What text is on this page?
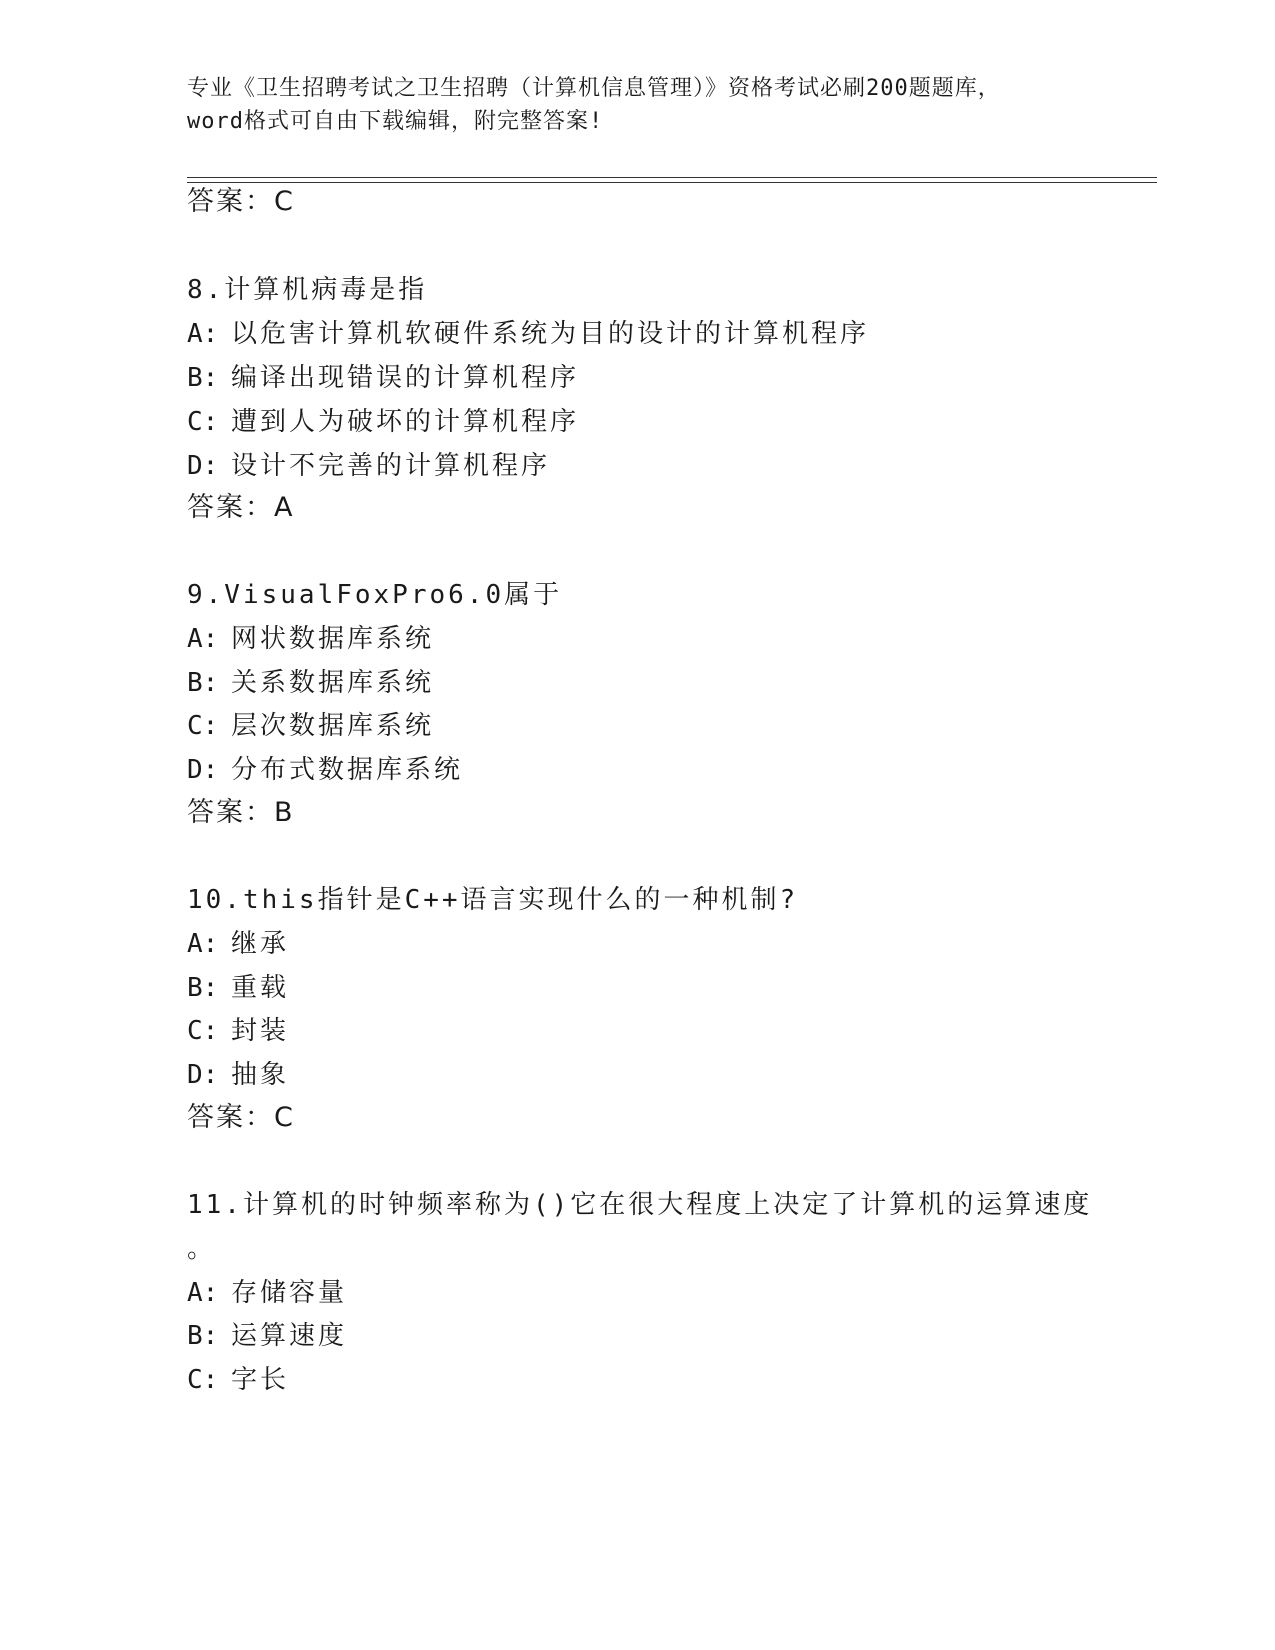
专业《卫生招聘考试之卫生招聘（计算机信息管理）》资格考试必刷200题题库，
word格式可自由下载编辑，附完整答案!
答案：C
8.计算机病毒是指
A: 以危害计算机软硬件系统为目的设计的计算机程序
B: 编译出现错误的计算机程序
C: 遭到人为破坏的计算机程序
D: 设计不完善的计算机程序
答案：A
9.VisualFoxPro6.0属于
A: 网状数据库系统
B: 关系数据库系统
C: 层次数据库系统
D: 分布式数据库系统
答案：B
10.this指针是C++语言实现什么的一种机制?
A: 继承
B: 重载
C: 封装
D: 抽象
答案：C
11.计算机的时钟频率称为()它在很大程度上决定了计算机的运算速度
。
A: 存储容量
B: 运算速度
C: 字长
